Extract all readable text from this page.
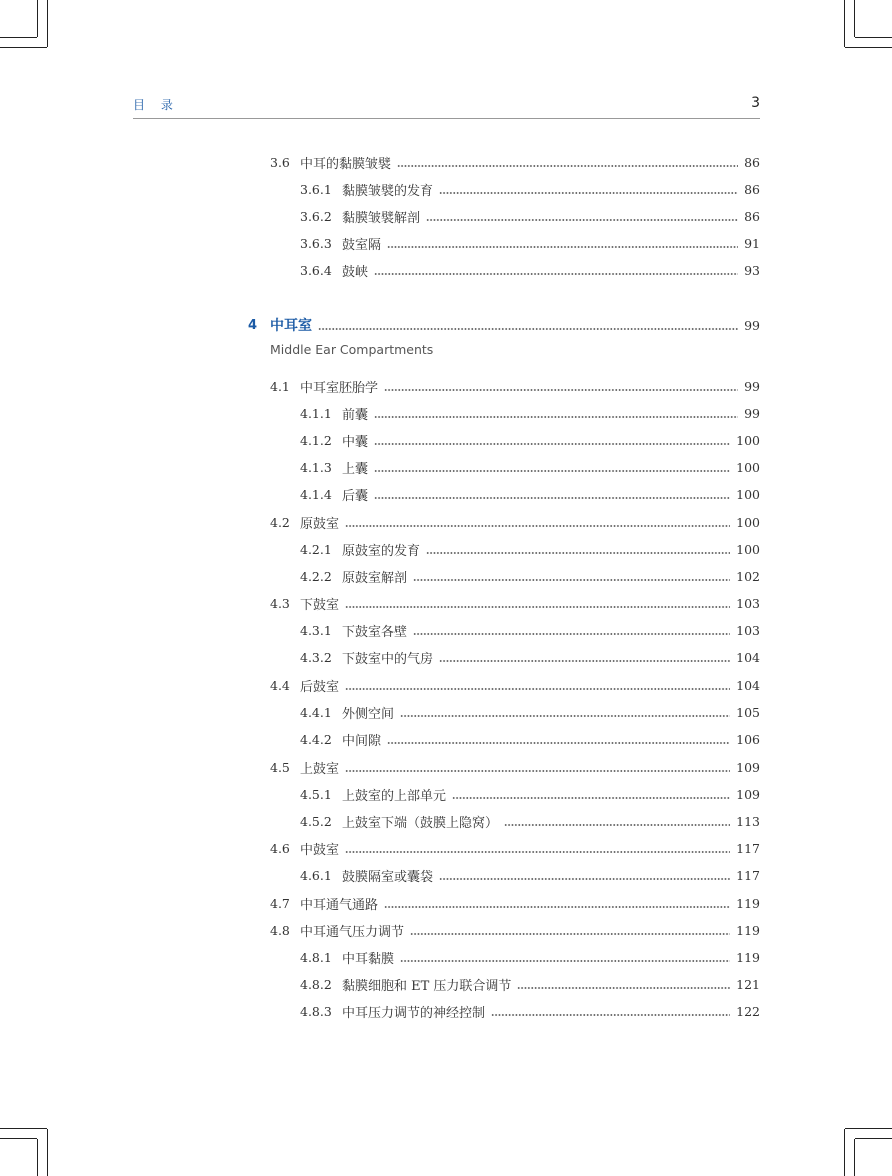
目 录	3
3.6 中耳的黏膜皱襞	86
3.6.1 黏膜皱襞的发育	86
3.6.2 黏膜皱襞解剖	86
3.6.3 鼓室隔	91
3.6.4 鼓峡	93
4 中耳室	99
4.1 中耳室胚胎学	99
4.1.1 前囊	99
4.1.2 中囊	100
4.1.3 上囊	100
4.1.4 后囊	100
4.2 原鼓室	100
4.2.1 原鼓室的发育	100
4.2.2 原鼓室解剖	102
4.3 下鼓室	103
4.3.1 下鼓室各壁	103
4.3.2 下鼓室中的气房	104
4.4 后鼓室	104
4.4.1 外侧空间	105
4.4.2 中间隙	106
4.5 上鼓室	109
4.5.1 上鼓室的上部单元	109
4.5.2 上鼓室下端（鼓膜上隐窝）	113
4.6 中鼓室	117
4.6.1 鼓膜隔室或囊袋	117
4.7 中耳通气通路	119
4.8 中耳通气压力调节	119
4.8.1 中耳黏膜	119
4.8.2 黏膜细胞和 ET 压力联合调节	121
4.8.3 中耳压力调节的神经控制	122
Middle Ear Compartments
